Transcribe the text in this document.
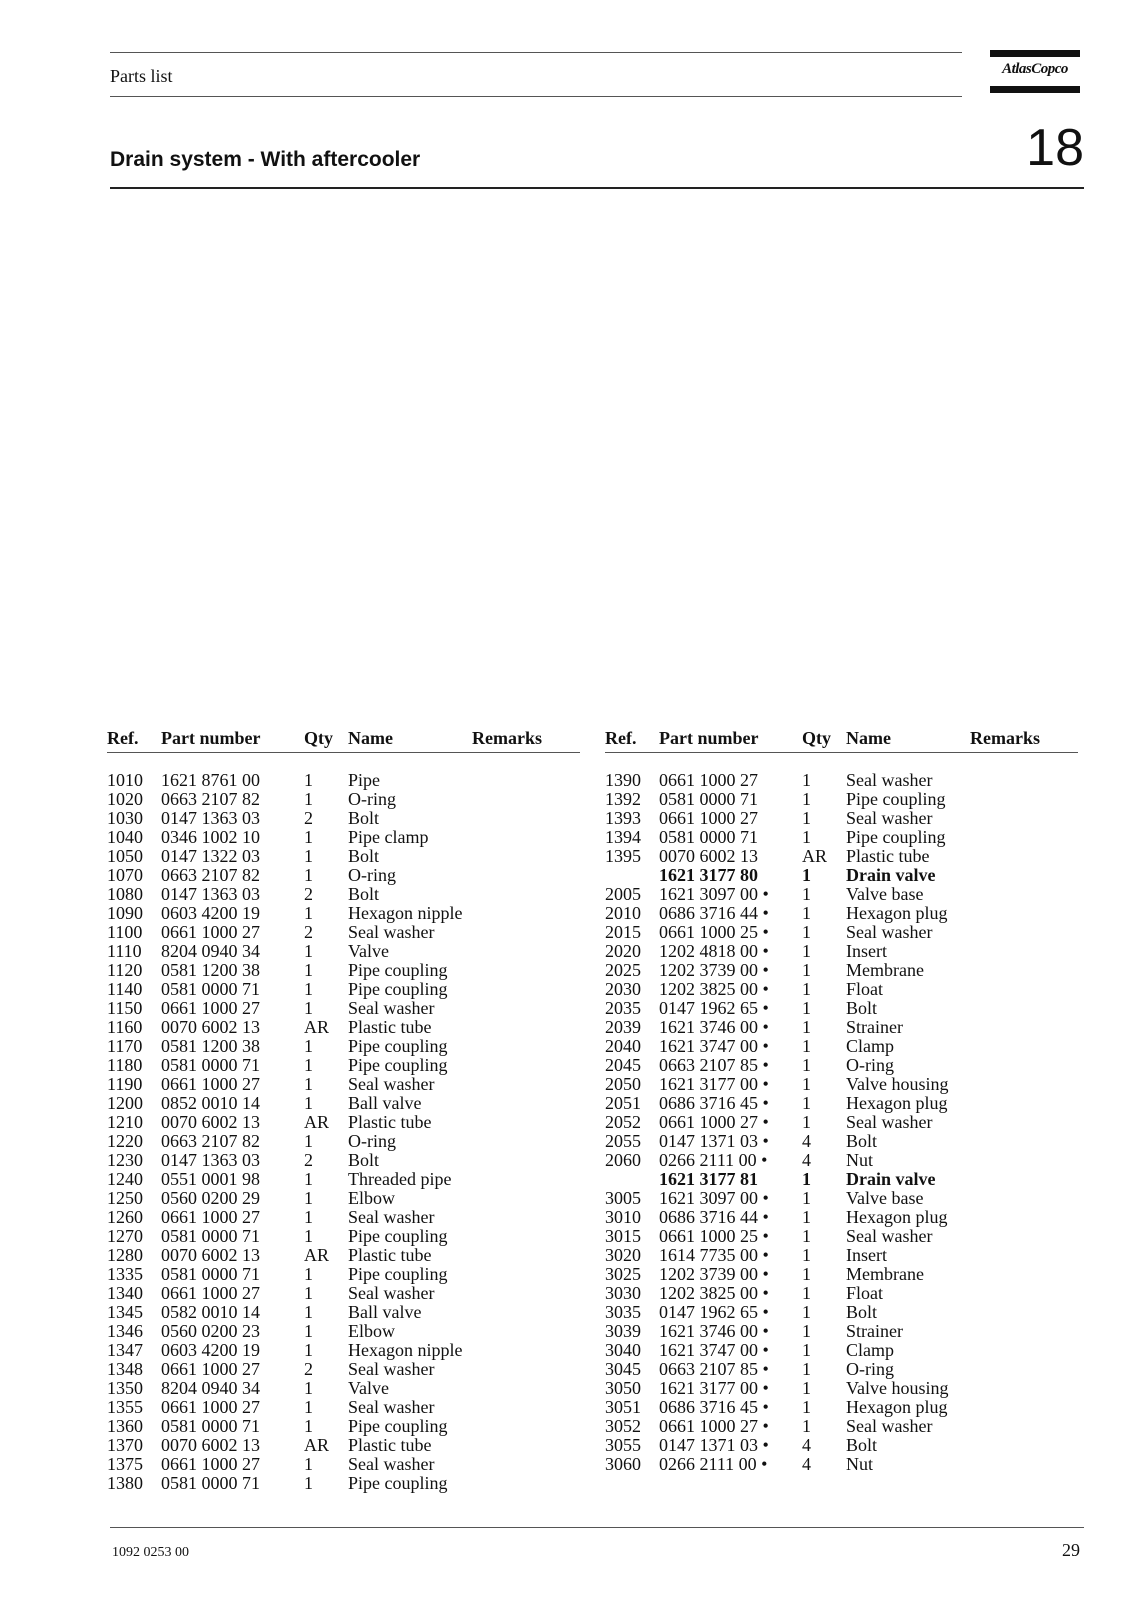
Parts list	AtlasCopco
Drain system - With aftercooler	18
Ref.	Part number	Qty	Name	Remarks
1010	1621 8761 00	1	Pipe	
1020	0663 2107 82	1	O-ring	
1030	0147 1363 03	2	Bolt	
1040	0346 1002 10	1	Pipe clamp	
1050	0147 1322 03	1	Bolt	
1070	0663 2107 82	1	O-ring	
1080	0147 1363 03	2	Bolt	
1090	0603 4200 19	1	Hexagon nipple	
1100	0661 1000 27	2	Seal washer	
1110	8204 0940 34	1	Valve	
1120	0581 1200 38	1	Pipe coupling	
1140	0581 0000 71	1	Pipe coupling	
1150	0661 1000 27	1	Seal washer	
1160	0070 6002 13	AR	Plastic tube	
1170	0581 1200 38	1	Pipe coupling	
1180	0581 0000 71	1	Pipe coupling	
1190	0661 1000 27	1	Seal washer	
1200	0852 0010 14	1	Ball valve	
1210	0070 6002 13	AR	Plastic tube	
1220	0663 2107 82	1	O-ring	
1230	0147 1363 03	2	Bolt	
1240	0551 0001 98	1	Threaded pipe	
1250	0560 0200 29	1	Elbow	
1260	0661 1000 27	1	Seal washer	
1270	0581 0000 71	1	Pipe coupling	
1280	0070 6002 13	AR	Plastic tube	
1335	0581 0000 71	1	Pipe coupling	
1340	0661 1000 27	1	Seal washer	
1345	0582 0010 14	1	Ball valve	
1346	0560 0200 23	1	Elbow	
1347	0603 4200 19	1	Hexagon nipple	
1348	0661 1000 27	2	Seal washer	
1350	8204 0940 34	1	Valve	
1355	0661 1000 27	1	Seal washer	
1360	0581 0000 71	1	Pipe coupling	
1370	0070 6002 13	AR	Plastic tube	
1375	0661 1000 27	1	Seal washer	
1380	0581 0000 71	1	Pipe coupling	
Ref.	Part number	Qty	Name	Remarks
1390	0661 1000 27	1	Seal washer	
1392	0581 0000 71	1	Pipe coupling	
1393	0661 1000 27	1	Seal washer	
1394	0581 0000 71	1	Pipe coupling	
1395	0070 6002 13	AR	Plastic tube	
	1621 3177 80	1	Drain valve	
2005	1621 3097 00 •	1	Valve base	
2010	0686 3716 44 •	1	Hexagon plug	
2015	0661 1000 25 •	1	Seal washer	
2020	1202 4818 00 •	1	Insert	
2025	1202 3739 00 •	1	Membrane	
2030	1202 3825 00 •	1	Float	
2035	0147 1962 65 •	1	Bolt	
2039	1621 3746 00 •	1	Strainer	
2040	1621 3747 00 •	1	Clamp	
2045	0663 2107 85 •	1	O-ring	
2050	1621 3177 00 •	1	Valve housing	
2051	0686 3716 45 •	1	Hexagon plug	
2052	0661 1000 27 •	1	Seal washer	
2055	0147 1371 03 •	4	Bolt	
2060	0266 2111 00 •	4	Nut	
	1621 3177 81	1	Drain valve	
3005	1621 3097 00 •	1	Valve base	
3010	0686 3716 44 •	1	Hexagon plug	
3015	0661 1000 25 •	1	Seal washer	
3020	1614 7735 00 •	1	Insert	
3025	1202 3739 00 •	1	Membrane	
3030	1202 3825 00 •	1	Float	
3035	0147 1962 65 •	1	Bolt	
3039	1621 3746 00 •	1	Strainer	
3040	1621 3747 00 •	1	Clamp	
3045	0663 2107 85 •	1	O-ring	
3050	1621 3177 00 •	1	Valve housing	
3051	0686 3716 45 •	1	Hexagon plug	
3052	0661 1000 27 •	1	Seal washer	
3055	0147 1371 03 •	4	Bolt	
3060	0266 2111 00 •	4	Nut	
1092 0253 00	29
